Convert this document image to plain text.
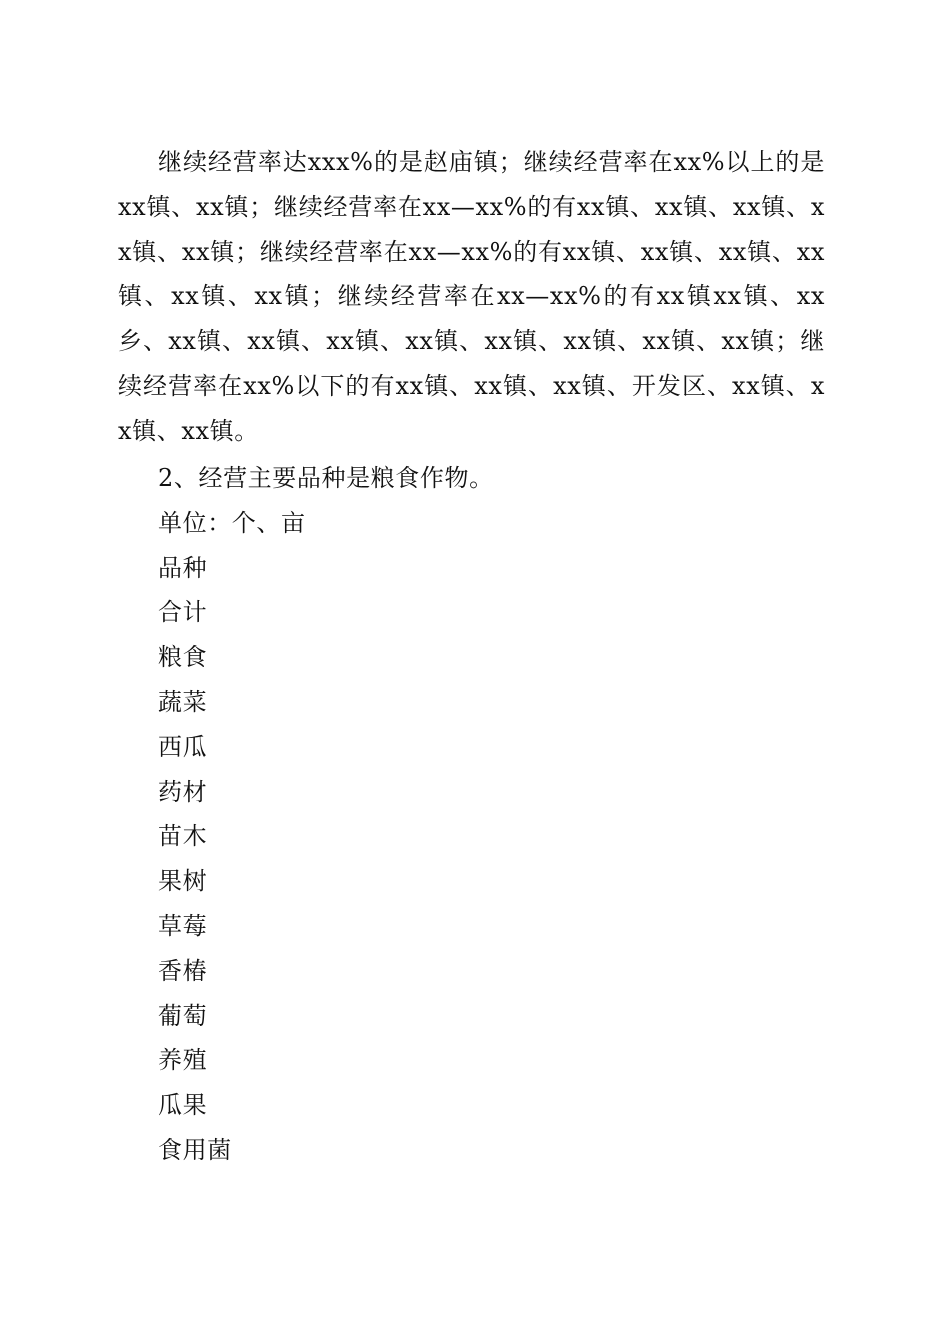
继续经营率达xxx%的是赵庙镇；继续经营率在xx%以上的是xx镇、xx镇；继续经营率在xx—xx%的有xx镇、xx镇、xx镇、xx镇、xx镇；继续经营率在xx—xx%的有xx镇、xx镇、xx镇、xx镇、xx镇、xx镇；继续经营率在xx—xx%的有xx镇xx镇、xx乡、xx镇、xx镇、xx镇、xx镇、xx镇、xx镇、xx镇、xx镇；继续经营率在xx%以下的有xx镇、xx镇、xx镇、开发区、xx镇、xx镇、xx镇。

2、经营主要品种是粮食作物。
单位：个、亩
品种
合计
粮食
蔬菜
西瓜
药材
苗木
果树
草莓
香椿
葡萄
养殖
瓜果
食用菌
